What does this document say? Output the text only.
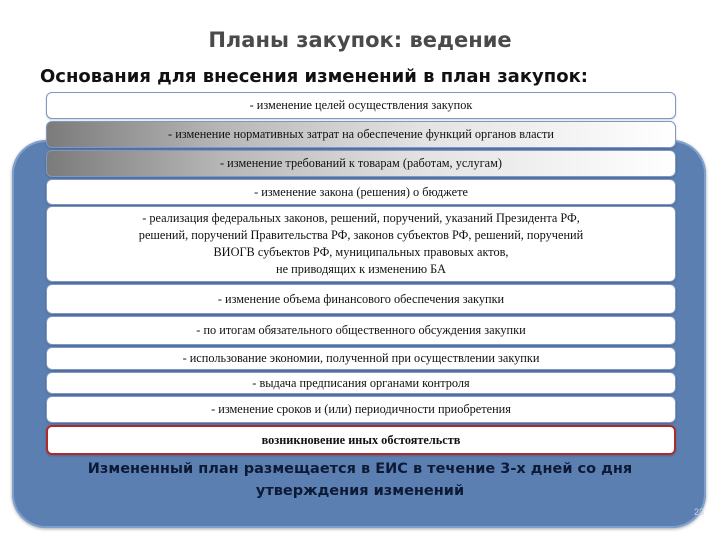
Планы закупок: ведение
Основания для внесения изменений в план закупок:
- изменение целей осуществления закупок
- изменение нормативных затрат на обеспечение функций органов власти
- изменение требований к товарам (работам, услугам)
- изменение закона (решения) о бюджете
- реализация федеральных законов, решений, поручений, указаний Президента РФ,
решений, поручений Правительства РФ, законов субъектов РФ, решений, поручений
ВИОГВ субъектов РФ, муниципальных правовых актов,
не приводящих к изменению БА
- изменение объема финансового обеспечения закупки
- по итогам обязательного общественного обсуждения закупки
- использование экономии, полученной при осуществлении закупки
- выдача предписания органами контроля
- изменение сроков и (или) периодичности приобретения
возникновение иных обстоятельств

Измененный план размещается в ЕИС в течение 3-х дней со дня
утверждения изменений

23
